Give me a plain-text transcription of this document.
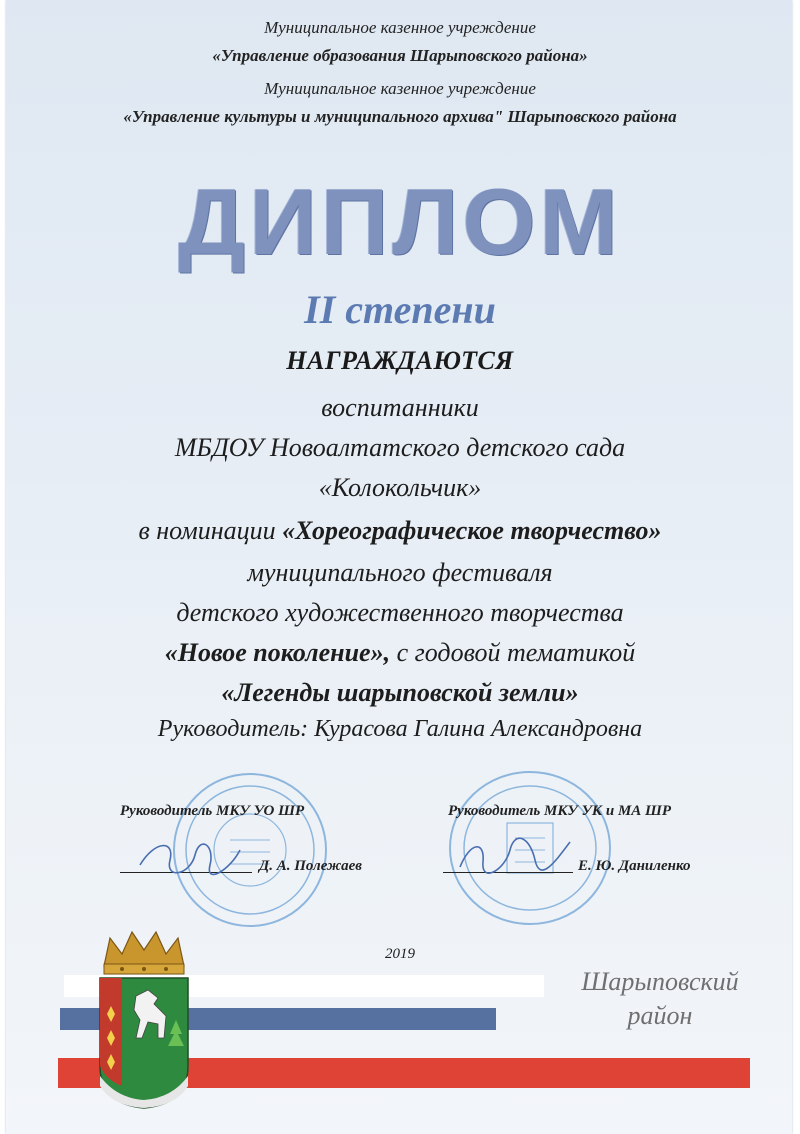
Муниципальное казенное учреждение
«Управление образования Шарыповского района»
Муниципальное казенное учреждение
«Управление культуры и муниципального архива" Шарыповского района
ДИПЛОМ
II степени
НАГРАЖДАЮТСЯ
воспитанники
МБДОУ Новоалтатского детского сада
«Колокольчик»
в номинации «Хореографическое творчество»
муниципального фестиваля
детского художественного творчества
«Новое поколение», с годовой тематикой
«Легенды шарыповской земли»
Руководитель: Курасова Галина Александровна
Руководитель МКУ УО ШР
Д. А. Полежаев
Руководитель МКУ УК и МА ШР
Е. Ю. Даниленко
2019
Шарыповский
район
